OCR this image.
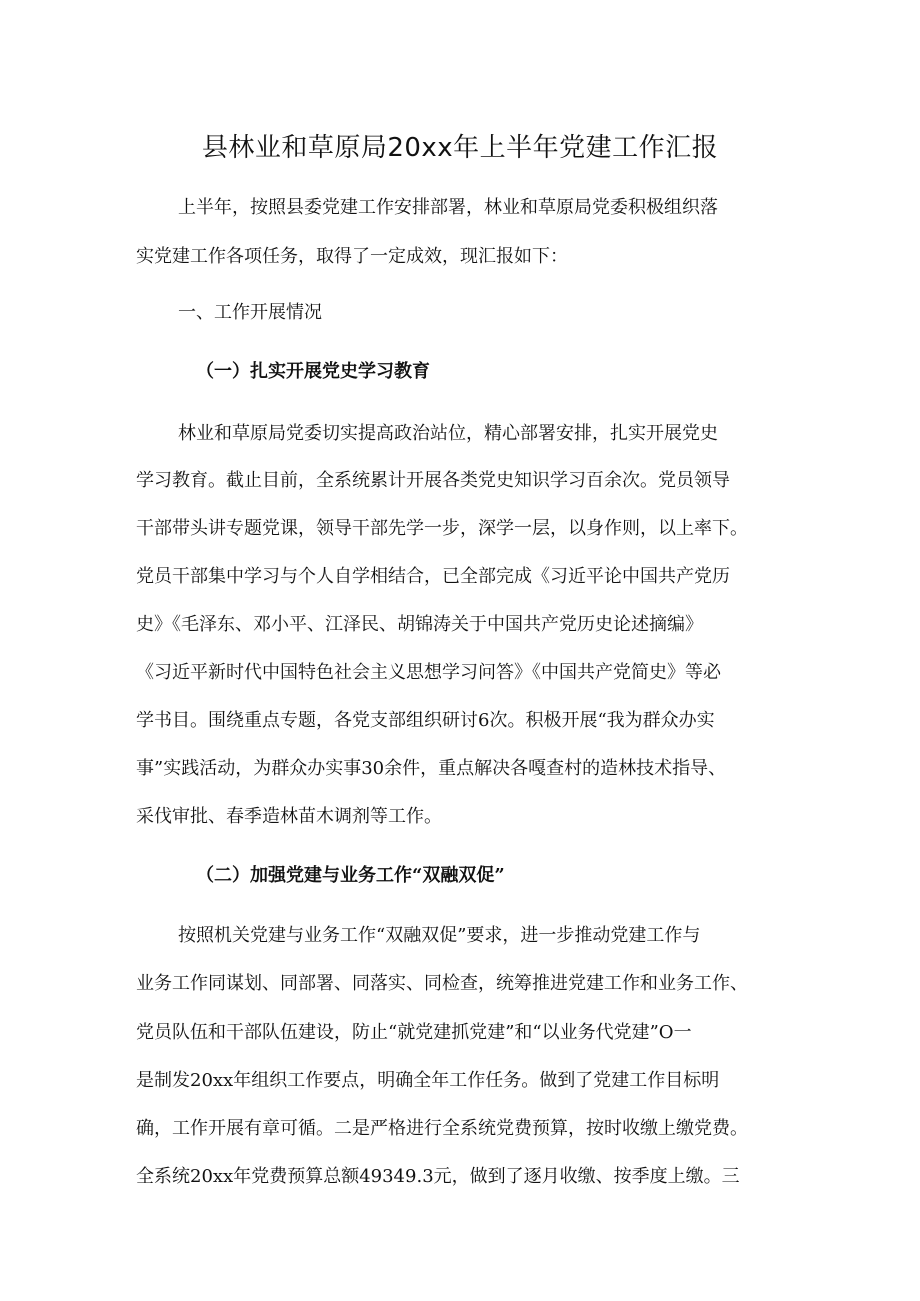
县林业和草原局20xx年上半年党建工作汇报
上半年，按照县委党建工作安排部署，林业和草原局党委积极组织落
实党建工作各项任务，取得了一定成效，现汇报如下：
一、工作开展情况
（一）扎实开展党史学习教育
林业和草原局党委切实提高政治站位，精心部署安排，扎实开展党史
学习教育。截止目前，全系统累计开展各类党史知识学习百余次。党员领导
干部带头讲专题党课，领导干部先学一步，深学一层，以身作则，以上率下。
党员干部集中学习与个人自学相结合，已全部完成《习近平论中国共产党历
史》《毛泽东、邓小平、江泽民、胡锦涛关于中国共产党历史论述摘编》
《习近平新时代中国特色社会主义思想学习问答》《中国共产党简史》等必
学书目。围绕重点专题，各党支部组织研讨6次。积极开展“我为群众办实
事”实践活动，为群众办实事30余件，重点解决各嘎查村的造林技术指导、
采伐审批、春季造林苗木调剂等工作。
（二）加强党建与业务工作“双融双促”
按照机关党建与业务工作“双融双促”要求，进一步推动党建工作与
业务工作同谋划、同部署、同落实、同检查，统筹推进党建工作和业务工作、
党员队伍和干部队伍建设，防止“就党建抓党建”和“以业务代党建”O一
是制发20xx年组织工作要点，明确全年工作任务。做到了党建工作目标明
确，工作开展有章可循。二是严格进行全系统党费预算，按时收缴上缴党费。
全系统20xx年党费预算总额49349.3元，做到了逐月收缴、按季度上缴。三
